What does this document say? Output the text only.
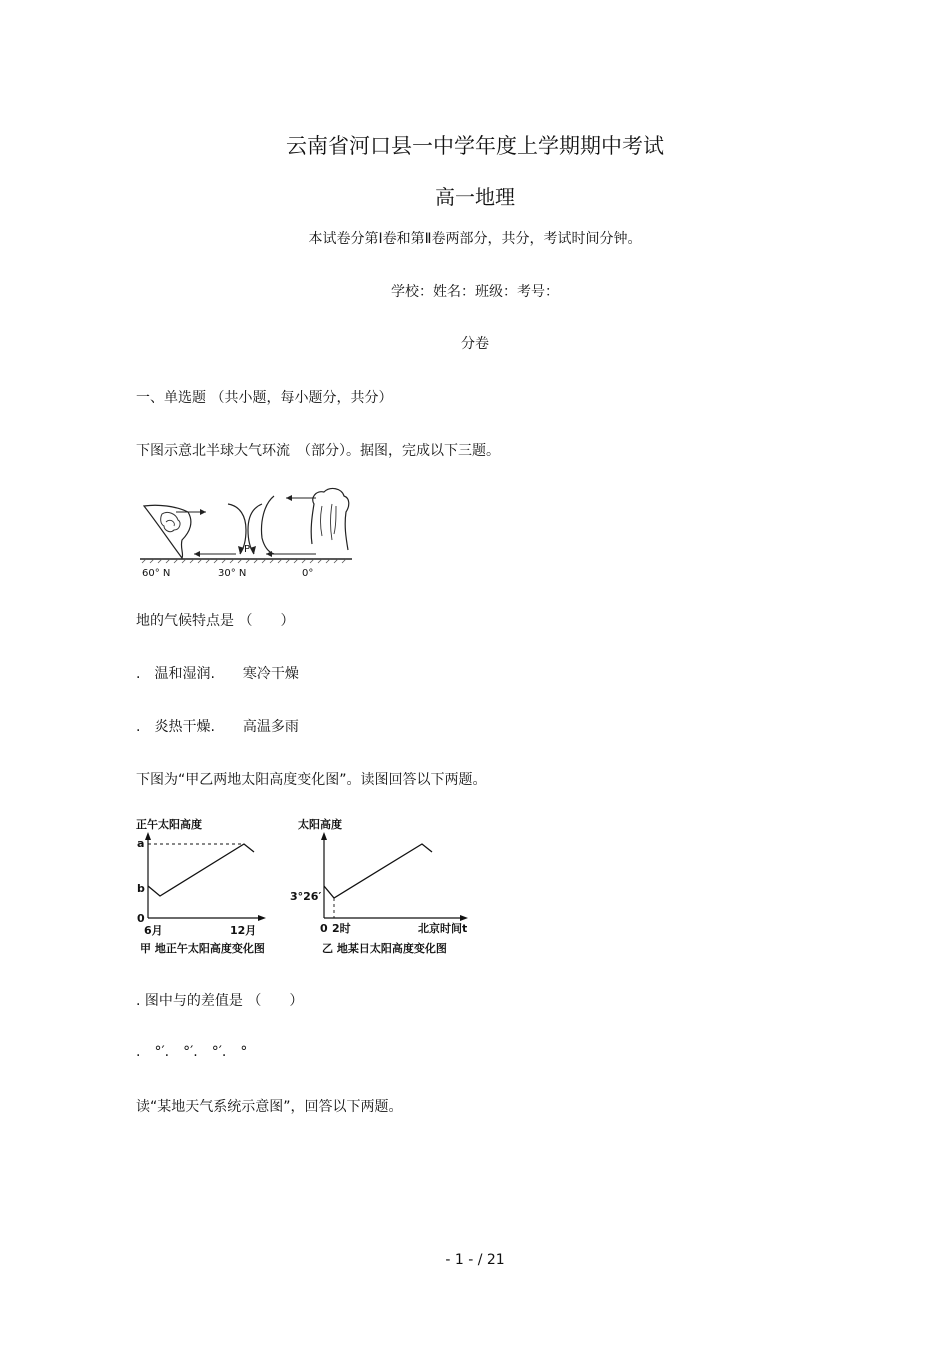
云南省河口县一中学年度上学期期中考试
高一地理
本试卷分第Ⅰ卷和第Ⅱ卷两部分，共分，考试时间分钟。
学校：姓名：班级：考号：
分卷
一、单选题 （共小题，每小题分，共分）
下图示意北半球大气环流　（部分）。据图，完成以下三题。
P
60° N	30° N	0°
地的气候特点是 （　　）
.　温和湿润.　　寒冷干燥
.　炎热干燥.　　高温多雨
下图为“甲乙两地太阳高度变化图”。读图回答以下两题。
正午太阳高度
a
b
0
6月	12月
甲 地正午太阳高度变化图
太阳高度
3°26′
0 2时	北京时间t
乙 地某日太阳高度变化图
. 图中与的差值是 （　　）
.　°′.　°′.　°′.　°
读“某地天气系统示意图”，回答以下两题。
- 1 - / 21
